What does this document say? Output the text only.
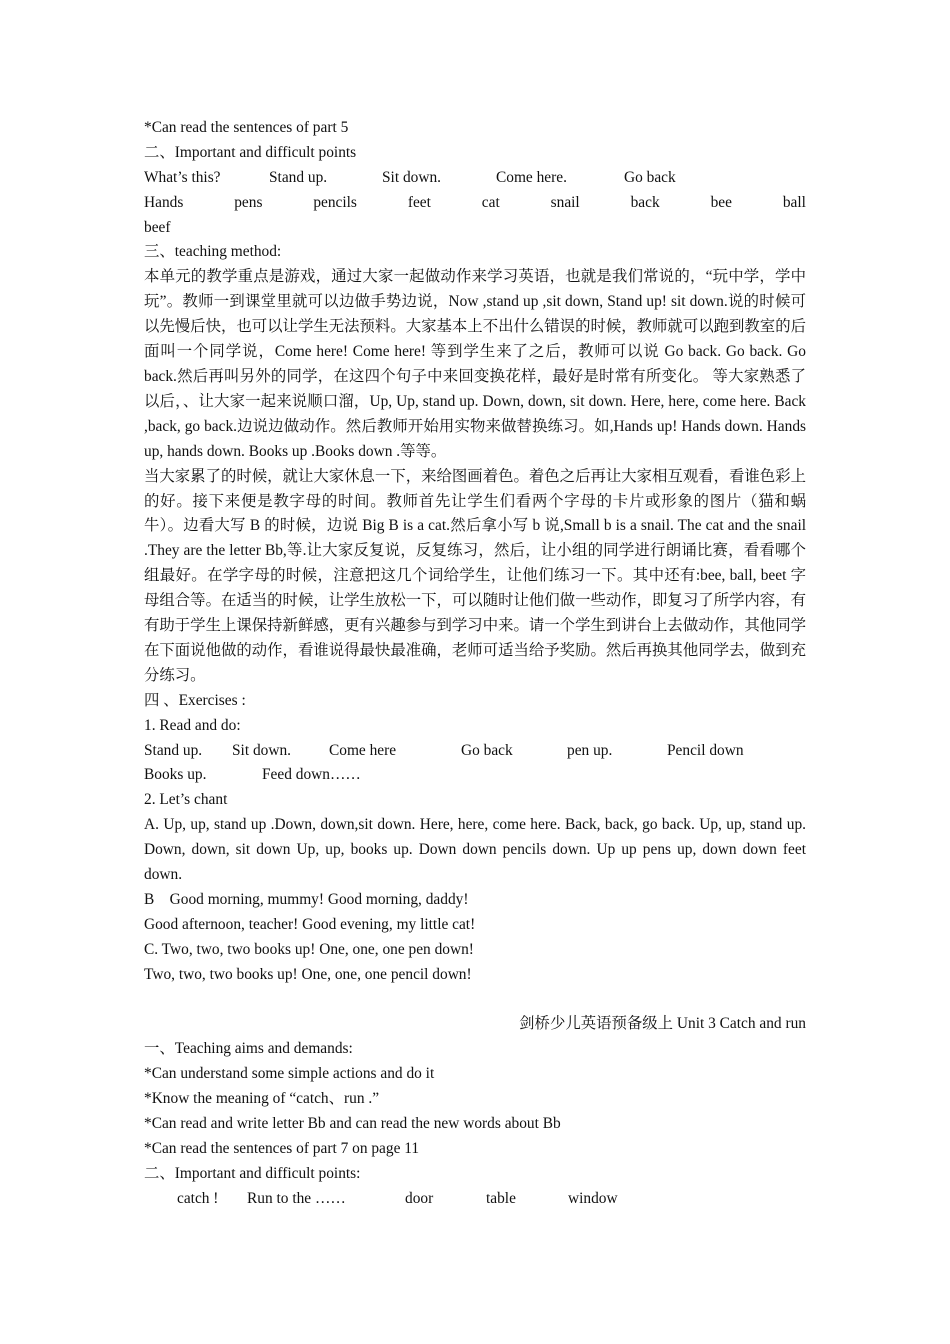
*Can read the sentences of part 5
二、Important and difficult points
What’s this?	Stand up.	Sit down.	Come here.	Go back
Hands	pens	pencils	feet	cat	snail	back	bee	ball
beef
三、teaching method:
本单元的教学重点是游戏，通过大家一起做动作来学习英语，也就是我们常说的，“玩中学，学中玩”。教师一到课堂里就可以边做手势边说，Now ,stand up ,sit down, Stand up! sit down.说的时候可以先慢后快，也可以让学生无法预料。大家基本上不出什么错误的时候，教师就可以跑到教室的后面叫一个同学说，Come here! Come here! 等到学生来了之后，教师可以说 Go back. Go back. Go back.然后再叫另外的同学，在这四个句子中来回变换花样，最好是时常有所变化。 等大家熟悉了以后，、让大家一起来说顺口溜，Up, Up, stand up. Down, down, sit down. Here, here, come here. Back ,back, go back.边说边做动作。然后教师开始用实物来做替换练习。如,Hands up! Hands down. Hands up, hands down. Books up .Books down .等等。
当大家累了的时候，就让大家休息一下，来给图画着色。着色之后再让大家相互观看，看谁色彩上的好。接下来便是教字母的时间。教师首先让学生们看两个字母的卡片或形象的图片（猫和蜗牛）。边看大写 B 的时候，边说 Big B is a cat.然后拿小写 b 说,Small b is a snail. The cat and the snail .They are the letter Bb,等.让大家反复说，反复练习，然后，让小组的同学进行朗诵比赛，看看哪个组最好。在学字母的时候，注意把这几个词给学生，让他们练习一下。其中还有:bee, ball, beet 字母组合等。在适当的时候，让学生放松一下，可以随时让他们做一些动作，即复习了所学内容，有有助于学生上课保持新鲜感，更有兴趣参与到学习中来。请一个学生到讲台上去做动作，其他同学在下面说他做的动作，看谁说得最快最准确，老师可适当给予奖励。然后再换其他同学去，做到充分练习。
四 、Exercises :
1. Read and do:
Stand up.	Sit down.	Come here	Go back	pen up.	Pencil down
Books up.	Feed down……
2. Let’s chant
A. Up, up, stand up .Down, down,sit down. Here, here, come here. Back, back, go back. Up, up, stand up. Down, down, sit down Up, up, books up. Down down pencils down. Up up pens up, down down feet down.
B    Good morning, mummy! Good morning, daddy!
Good afternoon, teacher! Good evening, my little cat!
C. Two, two, two books up! One, one, one pen down!
Two, two, two books up! One, one, one pencil down!
剑桥少儿英语预备级上 Unit 3 Catch and run
一、Teaching aims and demands:
*Can understand some simple actions and do it
*Know the meaning of “catch、run .”
*Can read and write letter Bb and can read the new words about Bb
*Can read the sentences of part 7 on page 11
二、Important and difficult points:
catch !	Run to the ……	door	table	window
